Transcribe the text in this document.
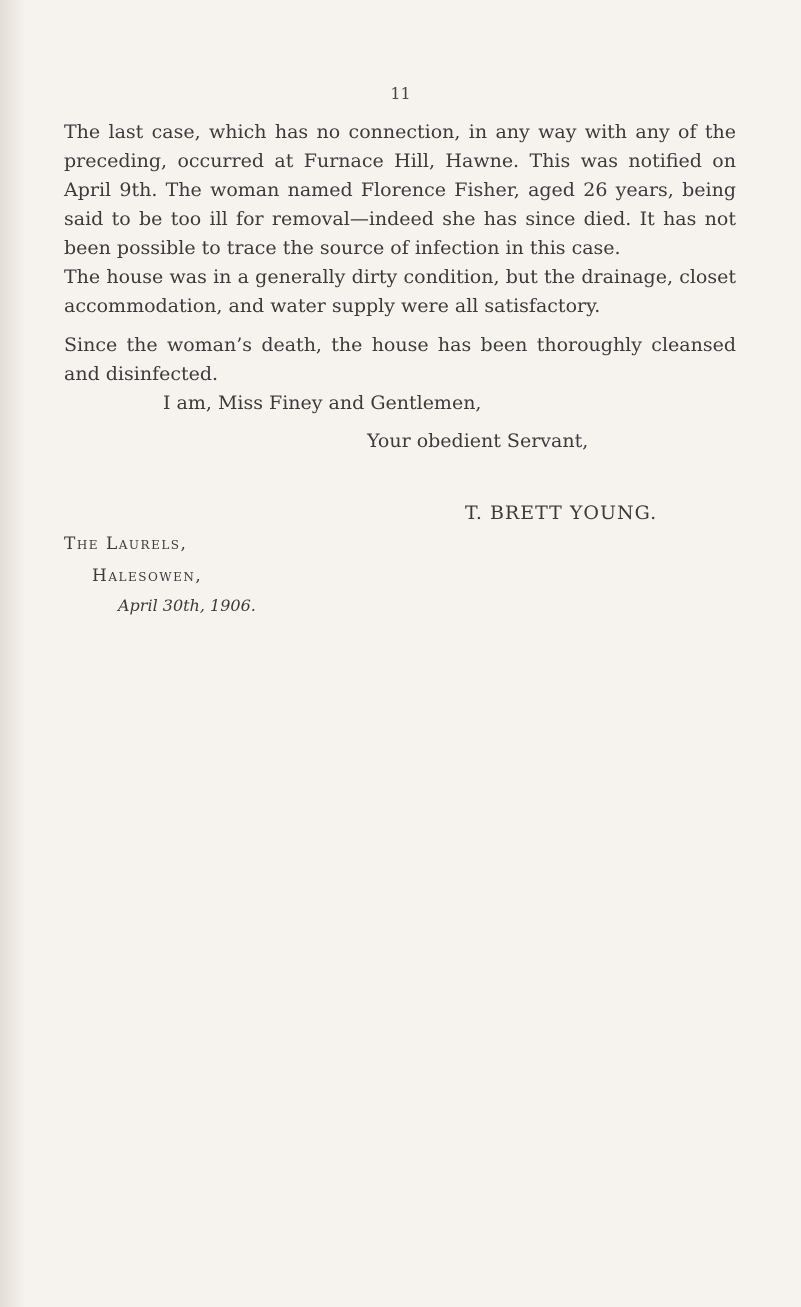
11

The last case, which has no connection, in any way with any of the preceding, occurred at Furnace Hill, Hawne. This was notified on April 9th. The woman named Florence Fisher, aged 26 years, being said to be too ill for removal—indeed she has since died. It has not been possible to trace the source of infection in this case.

The house was in a generally dirty condition, but the drainage, closet accommodation, and water supply were all satisfactory.

Since the woman’s death, the house has been thoroughly cleansed and disinfected.

I am, Miss Finey and Gentlemen,
Your obedient Servant,
T. BRETT YOUNG.
The Laurels,
Halesowen,
April 30th, 1906.
